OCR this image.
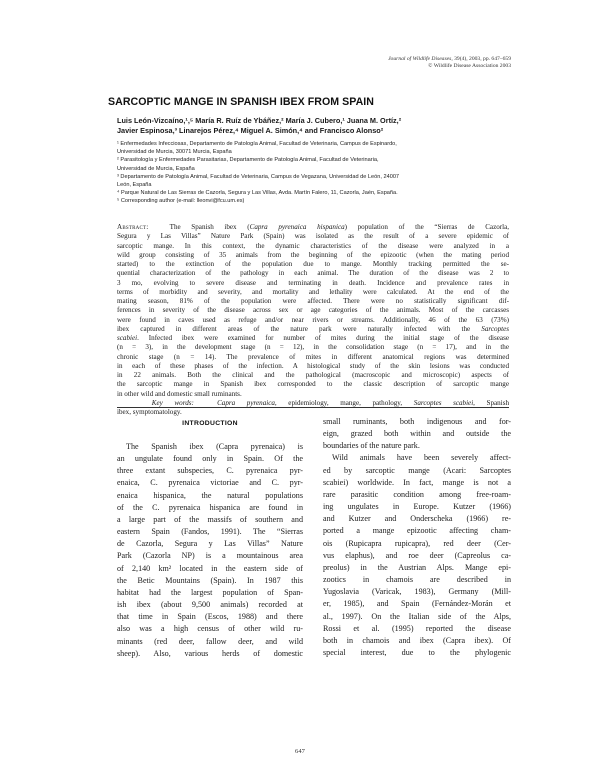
Journal of Wildlife Diseases, 39(4), 2003, pp. 647–659
© Wildlife Disease Association 2003
SARCOPTIC MANGE IN SPANISH IBEX FROM SPAIN
Luis León-Vizcaíno,¹,⁵ María R. Ruíz de Ybáñez,² María J. Cubero,¹ Juana M. Ortíz,²
Javier Espinosa,³ Linarejos Pérez,⁴ Miguel A. Simón,⁴ and Francisco Alonso²
¹ Enfermedades Infecciosas, Departamento de Patología Animal, Facultad de Veterinaria, Campus de Espinardo,
Universidad de Murcia, 30071 Murcia, España
² Parasitología y Enfermedades Parasitarias, Departamento de Patología Animal, Facultad de Veterinaria,
Universidad de Murcia, España
³ Departamento de Patología Animal, Facultad de Veterinaria, Campus de Vegazana, Universidad de León, 24007
León, España
⁴ Parque Natural de Las Sierras de Cazorla, Segura y Las Villas, Avda. Martín Falero, 11, Cazorla, Jaén, España.
⁵ Corresponding author (e-mail: lleonvi@fcu.um.es)
Abstract:	The Spanish ibex (Capra pyrenaica hispanica) population of the “Sierras de Cazorla,
Segura y Las Villas” Nature Park (Spain) was isolated as the result of a severe epidemic of
sarcoptic mange. In this context, the dynamic characteristics of the disease were analyzed in a
wild group consisting of 35 animals from the beginning of the epizootic (when the mating period
started) to the extinction of the population due to mange. Monthly tracking permitted the se-
quential characterization of the pathology in each animal. The duration of the disease was 2 to
3 mo, evolving to severe disease and terminating in death. Incidence and prevalence rates in
terms of morbidity and severity, and mortality and lethality were calculated. At the end of the
mating season, 81% of the population were affected. There were no statistically significant dif-
ferences in severity of the disease across sex or age categories of the animals. Most of the carcasses
were found in caves used as refuge and/or near rivers or streams. Additionally, 46 of the 63 (73%)
ibex captured in different areas of the nature park were naturally infected with the Sarcoptes
scabiei. Infected ibex were examined for number of mites during the initial stage of the disease
(n = 3), in the development stage (n = 12), in the consolidation stage (n = 17), and in the
chronic stage (n = 14). The prevalence of mites in different anatomical regions was determined
in each of these phases of the infection. A histological study of the skin lesions was conducted
in 22 animals. Both the clinical and the pathological (macroscopic and microscopic) aspects of
the sarcoptic mange in Spanish ibex corresponded to the classic description of sarcoptic mange
in other wild and domestic small ruminants.
Key words:	Capra pyrenaica, epidemiology, mange, pathology, Sarcoptes scabiei, Spanish
ibex, symptomatology.
INTRODUCTION
The Spanish ibex (Capra pyrenaica) is
an ungulate found only in Spain. Of the
three extant subspecies, C. pyrenaica pyr-
enaica, C. pyrenaica victoriae and C. pyr-
enaica hispanica, the natural populations
of the C. pyrenaica hispanica are found in
a large part of the massifs of southern and
eastern Spain (Fandos, 1991). The “Sierras
de Cazorla, Segura y Las Villas” Nature
Park (Cazorla NP) is a mountainous area
of 2,140 km² located in the eastern side of
the Betic Mountains (Spain). In 1987 this
habitat had the largest population of Span-
ish ibex (about 9,500 animals) recorded at
that time in Spain (Escos, 1988) and there
also was a high census of other wild ru-
minants (red deer, fallow deer, and wild
sheep). Also, various herds of domestic
small ruminants, both indigenous and for-
eign, grazed both within and outside the
boundaries of the nature park.
Wild animals have been severely affect-
ed by sarcoptic mange (Acari: Sarcoptes
scabiei) worldwide. In fact, mange is not a
rare parasitic condition among free-roam-
ing ungulates in Europe. Kutzer (1966)
and Kutzer and Onderscheka (1966) re-
ported a mange epizootic affecting cham-
ois (Rupicapra rupicapra), red deer (Cer-
vus elaphus), and roe deer (Capreolus ca-
preolus) in the Austrian Alps. Mange epi-
zootics in chamois are described in
Yugoslavia (Varicak, 1983), Germany (Mill-
er, 1985), and Spain (Fernández-Morán et
al., 1997). On the Italian side of the Alps,
Rossi et al. (1995) reported the disease
both in chamois and ibex (Capra ibex). Of
special interest, due to the phylogenic
647
